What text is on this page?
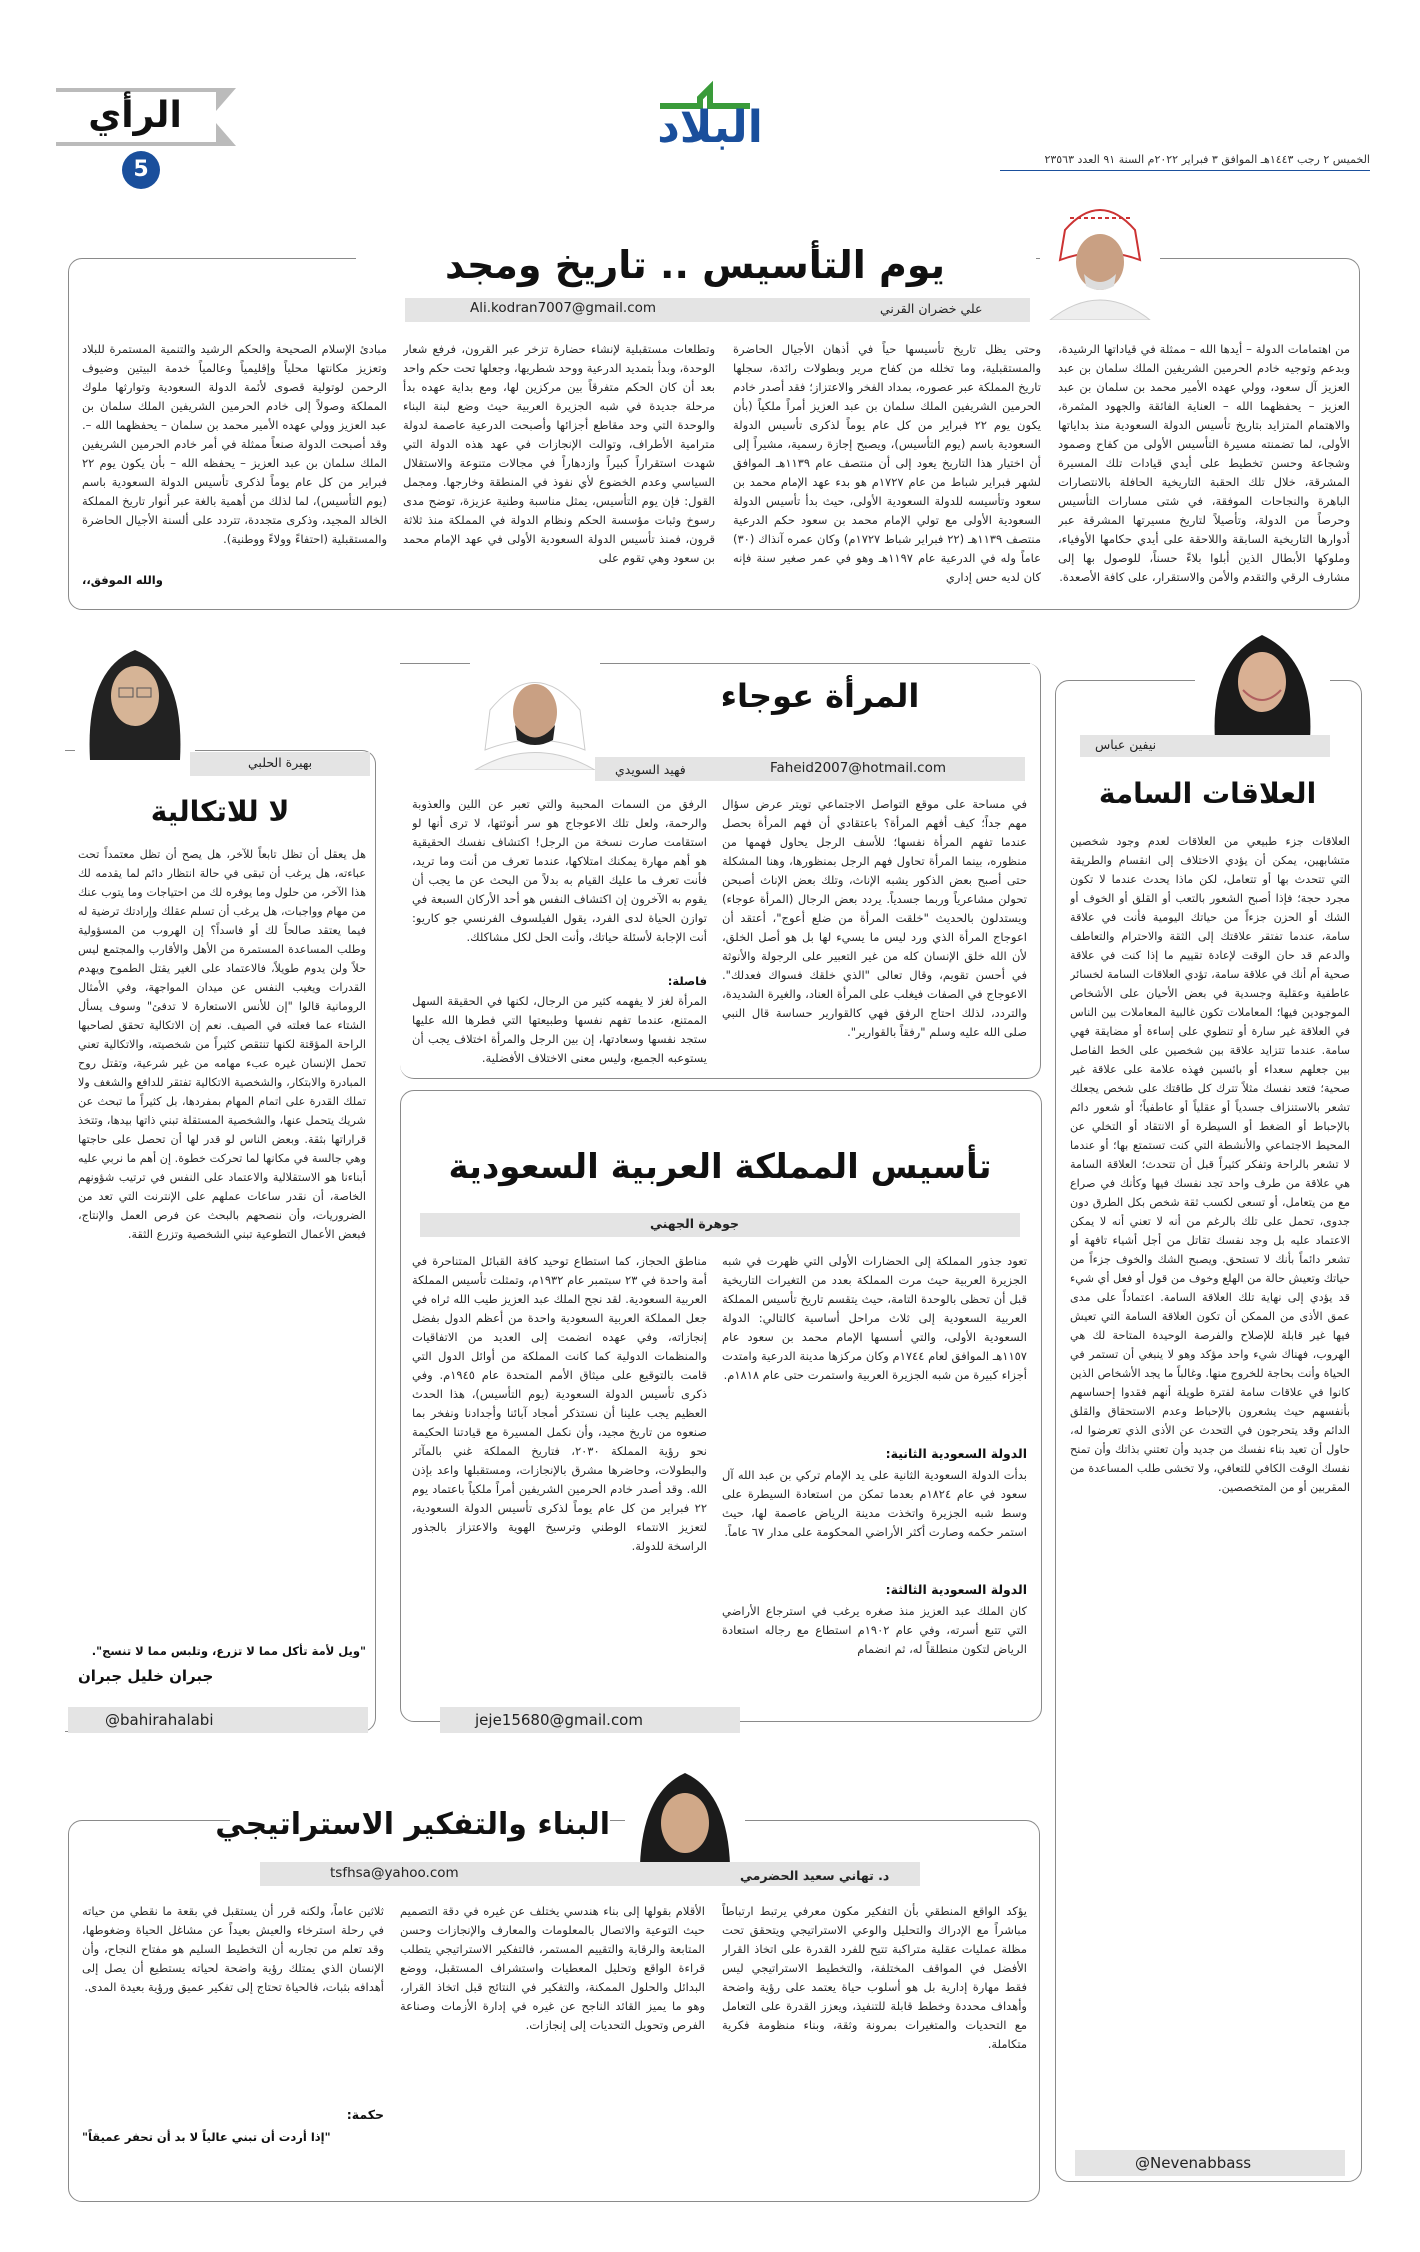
البلاد
الخميس ٢ رجب ١٤٤٣هـ الموافق ٣ فبراير ٢٠٢٢م السنة ٩١ العدد ٢٣٥٦٣
الرأي
5
يوم التأسيس .. تاريخ ومجد
علي خضران القرني
Ali.kodran7007@gmail.com
من اهتمامات الدولة – أيدها الله – ممثلة في قياداتها الرشيدة، وبدعم وتوجيه خادم الحرمين الشريفين الملك سلمان بن عبد العزيز آل سعود، وولي عهده الأمير محمد بن سلمان بن عبد العزيز – يحفظهما الله – العناية الفائقة والجهود المثمرة، والاهتمام المتزايد بتاريخ تأسيس الدولة السعودية منذ بداياتها الأولى، لما تضمنته مسيرة التأسيس الأولى من كفاح وصمود وشجاعة وحسن تخطيط على أيدي قيادات تلك المسيرة المشرقة، خلال تلك الحقبة التاريخية الحافلة بالانتصارات الباهرة والنجاحات الموفقة، في شتى مسارات التأسيس وحرصاً من الدولة، وتأصيلاً لتاريخ مسيرتها المشرقة عبر أدوارها التاريخية السابقة واللاحقة على أيدي حكامها الأوفياء، وملوكها الأبطال الذين أبلوا بلاءً حسناً، للوصول بها إلى مشارف الرقي والتقدم والأمن والاستقرار، على كافة الأصعدة.
وحتى يظل تاريخ تأسيسها حياً في أذهان الأجيال الحاضرة والمستقبلية، وما تخلله من كفاح مرير وبطولات رائدة، سجلها تاريخ المملكة عبر عصوره، بمداد الفخر والاعتزاز؛ فقد أصدر خادم الحرمين الشريفين الملك سلمان بن عبد العزيز أمراً ملكياً (بأن يكون يوم ٢٢ فبراير من كل عام يوماً لذكرى تأسيس الدولة السعودية باسم (يوم التأسيس)، ويصبح إجازة رسمية، مشيراً إلى أن اختيار هذا التاريخ يعود إلى أن منتصف عام ١١٣٩هـ الموافق لشهر فبراير شباط من عام ١٧٢٧م هو بدء عهد الإمام محمد بن سعود وتأسيسه للدولة السعودية الأولى، حيث بدأ تأسيس الدولة السعودية الأولى مع تولي الإمام محمد بن سعود حكم الدرعية منتصف ١١٣٩هـ (٢٢ فبراير شباط ١٧٢٧م) وكان عمره آنذاك (٣٠) عاماً وله في الدرعية عام ١١٩٧هـ وهو في عمر صغير سنة فإنه كان لديه حس إداري
وتطلعات مستقبلية لإنشاء حضارة تزخر عبر القرون، فرفع شعار الوحدة، وبدأ بتمديد الدرعية ووحد شطريها، وجعلها تحت حكم واحد بعد أن كان الحكم متفرقاً بين مركزين لها، ومع بداية عهده بدأ مرحلة جديدة في شبه الجزيرة العربية حيث وضع لبنة البناء والوحدة التي وحد مقاطع أجزائها وأصبحت الدرعية عاصمة لدولة مترامية الأطراف، وتوالت الإنجازات في عهد هذه الدولة التي شهدت استقراراً كبيراً وازدهاراً في مجالات متنوعة والاستقلال السياسي وعدم الخضوع لأي نفوذ في المنطقة وخارجها. ومجمل القول: فإن يوم التأسيس، يمثل مناسبة وطنية عزيزة، توضح مدى رسوخ وثبات مؤسسة الحكم ونظام الدولة في المملكة منذ ثلاثة قرون، فمنذ تأسيس الدولة السعودية الأولى في عهد الإمام محمد بن سعود وهي تقوم على
مبادئ الإسلام الصحيحة والحكم الرشيد والتنمية المستمرة للبلاد وتعزيز مكانتها محلياً وإقليمياً وعالمياً خدمة البيتين وضيوف الرحمن لوتولية قصوى لأئمة الدولة السعودية وتوارثها ملوك المملكة وصولاً إلى خادم الحرمين الشريفين الملك سلمان بن عبد العزيز وولي عهده الأمير محمد بن سلمان – يحفظهما الله –. وقد أصبحت الدولة صنعاً ممثلة في أمر خادم الحرمين الشريفين الملك سلمان بن عبد العزيز – يحفظه الله – بأن يكون يوم ٢٢ فبراير من كل عام يوماً لذكرى تأسيس الدولة السعودية باسم (يوم التأسيس)، لما لذلك من أهمية بالغة عبر أنوار تاريخ المملكة الخالد المجيد، وذكرى متجددة، تتردد على ألسنة الأجيال الحاضرة والمستقبلية (احتفاءً وولاءً ووطنية).
والله الموفق،،
نيفين عباس
العلاقات السامة
العلاقات جزء طبيعي من العلاقات لعدم وجود شخصين متشابهين، يمكن أن يؤدي الاختلاف إلى انقسام والطريقة التي تتحدث بها أو تتعامل، لكن ماذا يحدث عندما لا تكون مجرد حجة؛ فإذا أصبح الشعور بالتعب أو القلق أو الخوف أو الشك أو الحزن جزءاً من حياتك اليومية فأنت في علاقة سامة، عندما تفتقر علاقتك إلى الثقة والاحترام والتعاطف والدعم قد حان الوقت لإعادة تقييم ما إذا كنت في علاقة صحية أم أنك في علاقة سامة، تؤدي العلاقات السامة لخسائر عاطفية وعقلية وجسدية في بعض الأحيان على الأشخاص الموجودين فيها؛ المعاملات تكون غالبية المعاملات بين الناس في العلاقة غير سارة أو تنطوي على إساءة أو مضايقة فهي سامة. عندما تتزايد علاقة بين شخصين على الخط الفاصل بين جعلهم سعداء أو بائسين فهذه علامة على علاقة غير صحية؛ فتعد نفسك مثلاً تترك كل طاقتك على شخص يجعلك تشعر بالاستنزاف جسدياً أو عقلياً أو عاطفياً؛ أو شعور دائم بالإحباط أو الضغط أو السيطرة أو الانتقاد أو التخلي عن المحيط الاجتماعي والأنشطة التي كنت تستمتع بها؛ أو عندما لا تشعر بالراحة وتفكر كثيراً قبل أن تتحدث؛ العلاقة السامة هي علاقة من طرف واحد تجد نفسك فيها وكأنك في صراع مع من يتعامل، أو تسعى لكسب ثقة شخص بكل الطرق دون جدوى، تحمل على تلك بالرغم من أنه لا تعني أنه لا يمكن الاعتماد عليه بل وجد نفسك تقاتل من أجل أشياء تافهة أو تشعر دائماً بأنك لا تستحق. ويصبح الشك والخوف جزءاً من حياتك وتعيش حالة من الهلع وخوف من قول أو فعل أي شيء قد يؤدي إلى نهاية تلك العلاقة السامة. اعتماداً على مدى عمق الأذى من الممكن أن تكون العلاقة السامة التي تعيش فيها غير قابلة للإصلاح والفرصة الوحيدة المتاحة لك هي الهروب، فهناك شيء واحد مؤكد وهو لا ينبغي أن تستمر في الحياة وأنت بحاجة للخروج منها. وغالباً ما يجد الأشخاص الذين كانوا في علاقات سامة لفترة طويلة أنهم فقدوا إحساسهم بأنفسهم حيث يشعرون بالإحباط وعدم الاستحقاق والقلق الدائم وقد يتحرجون في التحدث عن الأذى الذي تعرضوا له، حاول أن تعيد بناء نفسك من جديد وأن تعتني بذاتك وأن تمنح نفسك الوقت الكافي للتعافي، ولا تخشى طلب المساعدة من المقربين أو من المتخصصين.
@Nevenabbass
المرأة عوجاء
Faheid2007@hotmail.com
فهيد السويدي
في مساحة على موقع التواصل الاجتماعي تويتر عرض سؤال مهم جداً؛ كيف أفهم المرأة؟ باعتقادي أن فهم المرأة بحصل عندما تفهم المرأة نفسها؛ للأسف الرجل يحاول فهمها من منظوره، بينما المرأة تحاول فهم الرجل بمنظورها، وهنا المشكلة حتى أصبح بعض الذكور يشبه الإناث، وتلك بعض الإناث أصبحن تحولن مشاعرياً وربما جسدياً. يردد بعض الرجال (المرأة عوجاء) ويستدلون بالحديث "خلقت المرأة من ضلع أعوج"، أعتقد أن اعوجاج المرأة الذي ورد ليس ما يسيء لها بل هو أصل الخلق، لأن الله خلق الإنسان كله من غير التعبير على الرجولة والأنوثة في أحسن تقويم، وقال تعالى "الذي خلقك فسواك فعدلك". الاعوجاج في الصفات فيغلب على المرأة العناد، والغيرة الشديدة، والتردد، لذلك احتاج الرفق فهي كالقوارير حساسة قال النبي صلى الله عليه وسلم "رفقاً بالقوارير".
الرفق من السمات المحببة والتي تعبر عن اللين والعذوبة والرحمة، ولعل تلك الاعوجاج هو سر أنوثتها، لا ترى أنها لو استقامت صارت نسخة من الرجل! اكتشاف نفسك الحقيقية هو أهم مهارة يمكنك امتلاكها، عندما تعرف من أنت وما تريد، فأنت تعرف ما عليك القيام به بدلاً من البحث عن ما يجب أن يقوم به الآخرون إن اكتشاف النفس هو أحد الأركان السبعة في توازن الحياة لدى الفرد، يقول الفيلسوف الفرنسي جو كاريو: أنت الإجابة لأسئلة حياتك، وأنت الحل لكل مشاكلك.
فاصلة:
المرأة لغز لا يفهمه كثير من الرجال، لكنها في الحقيقة السهل الممتنع، عندما تفهم نفسها وطبيعتها التي فطرها الله عليها ستجد نفسها وسعادتها، إن بين الرجل والمرأة اختلاف يجب أن يستوعبه الجميع، وليس معنى الاختلاف الأفضلية.
بهيرة الحلبي
لا للاتكالية
هل يعقل أن تظل تابعاً للآخر، هل يصح أن تظل معتمداً تحت عباءته، هل يرغب أن تبقى في حالة انتظار دائم لما يقدمه لك هذا الآخر، من حلول وما يوفره لك من احتياجات وما يتوب عنك من مهام وواجبات، هل يرغب أن تسلم عقلك وإرادتك ترضية له فيما يعتقد صالحاً لك أو فاسداً؟ إن الهروب من المسؤولية وطلب المساعدة المستمرة من الأهل والأقارب والمجتمع ليس حلاً ولن يدوم طويلاً، فالاعتماد على الغير يقتل الطموح ويهدم القدرات ويغيب النفس عن ميدان المواجهة، وفي الأمثال الرومانية قالوا "إن للأنس الاستعارة لا تدفئ" وسوف يسأل الشتاء عما فعلته في الصيف. نعم إن الاتكالية تحقق لصاحبها الراحة المؤقتة لكنها تنتقص كثيراً من شخصيته، والاتكالية تعني تحمل الإنسان غيره عبء مهامه من غير شرعية، وتقتل روح المبادرة والابتكار، والشخصية الاتكالية تفتقر للدافع والشغف ولا تملك القدرة على اتمام المهام بمفردها، بل كثيراً ما تبحث عن شريك يتحمل عنها، والشخصية المستقلة تبني ذاتها بيدها، وتتخذ قراراتها بثقة. وبعض الناس لو قدر لها أن تحصل على حاجتها وهي جالسة في مكانها لما تحركت خطوة. إن أهم ما نربي عليه أبناءنا هو الاستقلالية والاعتماد على النفس في ترتيب شؤونهم الخاصة، أن نقدر ساعات عملهم على الإنترنت التي تعد من الضروريات، وأن ننصحهم بالبحث عن فرص العمل والإنتاج، فبعض الأعمال التطوعية تبني الشخصية وتزرع الثقة.
"ويل لأمة تأكل مما لا تزرع، وتلبس مما لا تنسج".
جبران خليل جبران
@bahirahalabi
تأسيس المملكة العربية السعودية
جوهرة الجهني
تعود جذور المملكة إلى الحضارات الأولى التي ظهرت في شبه الجزيرة العربية حيث مرت المملكة بعدد من التغيرات التاريخية قبل أن تحظى بالوحدة التامة، حيث يتقسم تاريخ تأسيس المملكة العربية السعودية إلى ثلاث مراحل أساسية كالتالي: الدولة السعودية الأولى، والتي أسسها الإمام محمد بن سعود عام ١١٥٧هـ الموافق لعام ١٧٤٤م وكان مركزها مدينة الدرعية وامتدت أجزاء كبيرة من شبه الجزيرة العربية واستمرت حتى عام ١٨١٨م.
الدولة السعودية الثانية:
بدأت الدولة السعودية الثانية على يد الإمام تركي بن عبد الله آل سعود في عام ١٨٢٤م بعدما تمكن من استعادة السيطرة على وسط شبه الجزيرة واتخذت مدينة الرياض عاصمة لها، حيث استمر حكمه وصارت أكثر الأراضي المحكومة على مدار ٦٧ عاماً.
الدولة السعودية الثالثة:
كان الملك عبد العزيز منذ صغره يرغب في استرجاع الأراضي التي تتبع أسرته، وفي عام ١٩٠٢م استطاع مع رجاله استعادة الرياض لتكون منطلقاً له، ثم انضمام
مناطق الحجاز، كما استطاع توحيد كافة القبائل المتناحرة في أمة واحدة في ٢٣ سبتمبر عام ١٩٣٢م، وتمثلت تأسيس المملكة العربية السعودية. لقد نجح الملك عبد العزيز طيب الله ثراه في جعل المملكة العربية السعودية واحدة من أعظم الدول بفضل إنجازاته، وفي عهده انضمت إلى العديد من الاتفاقيات والمنظمات الدولية كما كانت المملكة من أوائل الدول التي قامت بالتوقيع على ميثاق الأمم المتحدة عام ١٩٤٥م. وفي ذكرى تأسيس الدولة السعودية (يوم التأسيس)، هذا الحدث العظيم يجب علينا أن نستذكر أمجاد آبائنا وأجدادنا ونفخر بما صنعوه من تاريخ مجيد، وأن نكمل المسيرة مع قيادتنا الحكيمة نحو رؤية المملكة ٢٠٣٠، فتاريخ المملكة غني بالمآثر والبطولات، وحاضرها مشرق بالإنجازات، ومستقبلها واعد بإذن الله. وقد أصدر خادم الحرمين الشريفين أمراً ملكياً باعتماد يوم ٢٢ فبراير من كل عام يوماً لذكرى تأسيس الدولة السعودية، لتعزيز الانتماء الوطني وترسيخ الهوية والاعتزاز بالجذور الراسخة للدولة.
jeje15680@gmail.com
البناء والتفكير الاستراتيجي
tsfhsa@yahoo.com	د. تهاني سعيد الحضرمي
يؤكد الواقع المنطقي بأن التفكير مكون معرفي يرتبط ارتباطاً مباشراً مع الإدراك والتحليل والوعي الاستراتيجي ويتحقق تحت مظلة عمليات عقلية متراكبة تتيح للفرد القدرة على اتخاذ القرار الأفضل في المواقف المختلفة، والتخطيط الاستراتيجي ليس فقط مهارة إدارية بل هو أسلوب حياة يعتمد على رؤية واضحة وأهداف محددة وخطط قابلة للتنفيذ، ويعزز القدرة على التعامل مع التحديات والمتغيرات بمرونة وثقة، وبناء منظومة فكرية متكاملة.
الأقلام بقولها إلى بناء هندسي يختلف عن غيره في دقة التصميم حيث التوعية والاتصال بالمعلومات والمعارف والإنجازات وحسن المتابعة والرقابة والتقييم المستمر، فالتفكير الاستراتيجي يتطلب قراءة الواقع وتحليل المعطيات واستشراف المستقبل، ووضع البدائل والحلول الممكنة، والتفكير في النتائج قبل اتخاذ القرار، وهو ما يميز القائد الناجح عن غيره في إدارة الأزمات وصناعة الفرص وتحويل التحديات إلى إنجازات.
ثلاثين عاماً، ولكنه قرر أن يستقبل في بقعة ما نقطي من حياته في رحلة استرخاء والعيش بعيداً عن مشاغل الحياة وضغوطها، وقد تعلم من تجاربه أن التخطيط السليم هو مفتاح النجاح، وأن الإنسان الذي يمتلك رؤية واضحة لحياته يستطيع أن يصل إلى أهدافه بثبات، فالحياة تحتاج إلى تفكير عميق ورؤية بعيدة المدى.
حكمة:
"إذا أردت أن تبني عالياً لا بد أن تحفر عميقاً"
